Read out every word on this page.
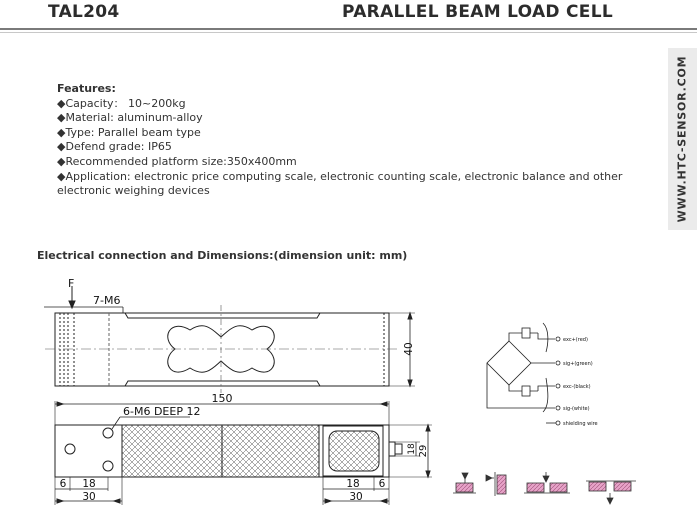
TAL204	PARALLEL BEAM LOAD CELL
WWW.HTC-SENSOR.COM
Features:
◆Capacity： 10~200kg
◆Material: aluminum-alloy
◆Type: Parallel beam type
◆Defend grade: IP65
◆Recommended platform size:350x400mm
◆Application: electronic price computing scale, electronic counting scale, electronic balance and other electronic weighing devices
Electrical connection and Dimensions:(dimension unit: mm)
F
7-M6
40
150
6-M6 DEEP 12
6 18
30
18 6
30
18 29
exc+(red)
sig+(green)
exc-(black)
sig-(white)
shielding wire
